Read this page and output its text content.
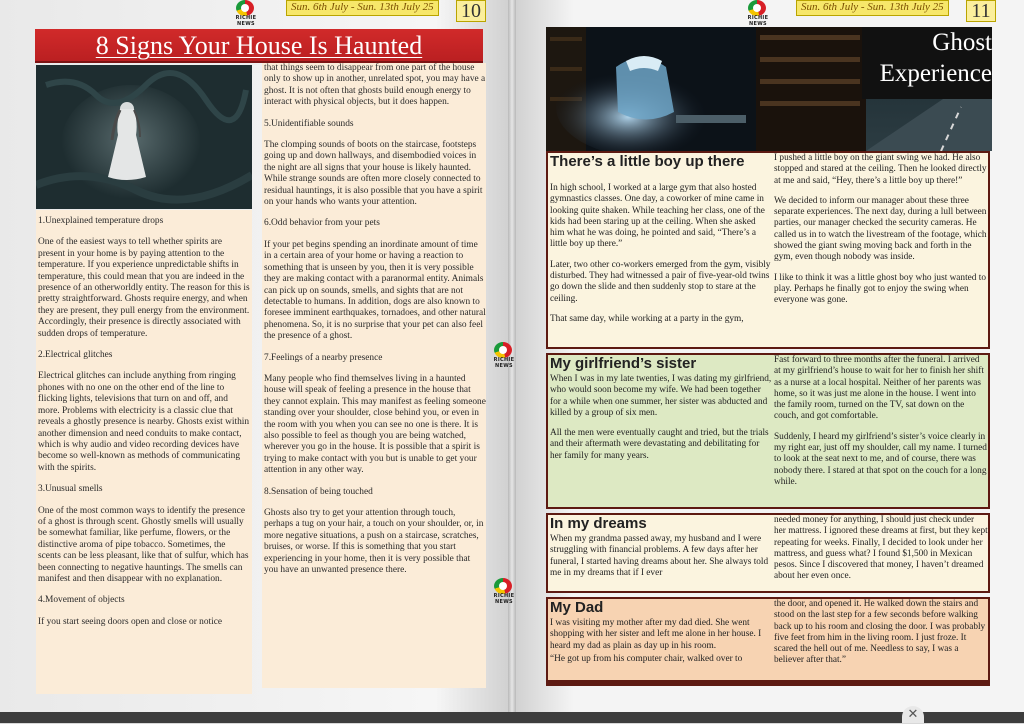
RICHIE NEWS
Sun. 6th July - Sun. 13th July 25 10
8 Signs Your House Is Haunted

1.Unexplained temperature drops

One of the easiest ways to tell whether spirits are present in your home is by paying attention to the temperature. If you experience unpredictable shifts in temperature, this could mean that you are indeed in the presence of an otherworldly entity. The reason for this is pretty straightforward. Ghosts require energy, and when they are present, they pull energy from the environment. Accordingly, their presence is directly associated with sudden drops of temperature.

2.Electrical glitches

Electrical glitches can include anything from ringing phones with no one on the other end of the line to flicking lights, televisions that turn on and off, and more. Problems with electricity is a classic clue that reveals a ghostly presence is nearby. Ghosts exist within another dimension and need conduits to make contact, which is why audio and video recording devices have become so well-known as methods of communicating with the spirits.

3.Unusual smells

One of the most common ways to identify the presence of a ghost is through scent. Ghostly smells will usually be somewhat familiar, like perfume, flowers, or the distinctive aroma of pipe tobacco. Sometimes, the scents can be less pleasant, like that of sulfur, which has been connecting to negative hauntings. The smells can manifest and then disappear with no explanation.

4.Movement of objects

If you start seeing doors open and close or notice

that things seem to disappear from one part of the house only to show up in another, unrelated spot, you may have a ghost. It is not often that ghosts build enough energy to interact with physical objects, but it does happen.

5.Unidentifiable sounds

The clomping sounds of boots on the staircase, footsteps going up and down hallways, and disembodied voices in the night are all signs that your house is likely haunted. While strange sounds are often more closely connected to residual hauntings, it is also possible that you have a spirit on your hands who wants your attention.

6.Odd behavior from your pets

If your pet begins spending an inordinate amount of time in a certain area of your home or having a reaction to something that is unseen by you, then it is very possible they are making contact with a paranormal entity. Animals can pick up on sounds, smells, and sights that are not detectable to humans. In addition, dogs are also known to foresee imminent earthquakes, tornadoes, and other natural phenomena. So, it is no surprise that your pet can also feel the presence of a ghost.

7.Feelings of a nearby presence

Many people who find themselves living in a haunted house will speak of feeling a presence in the house that they cannot explain. This may manifest as feeling someone standing over your shoulder, close behind you, or even in the room with you when you can see no one is there. It is also possible to feel as though you are being watched, wherever you go in the house. It is possible that a spirit is trying to make contact with you but is unable to get your attention in any other way.

8.Sensation of being touched

Ghosts also try to get your attention through touch, perhaps a tug on your hair, a touch on your shoulder, or, in more negative situations, a push on a staircase, scratches, bruises, or worse. If this is something that you start experiencing in your home, then it is very possible that you have an unwanted presence there.

RICHIE NEWS
Sun. 6th July - Sun. 13th July 25 11
Ghost
Experience
There’s a little boy up there

In high school, I worked at a large gym that also hosted gymnastics classes. One day, a coworker of mine came in looking quite shaken. While teaching her class, one of the kids had been staring up at the ceiling. When she asked him what he was doing, he pointed and said, “There’s a little boy up there.”

Later, two other co-workers emerged from the gym, visibly disturbed. They had witnessed a pair of five-year-old twins go down the slide and then suddenly stop to stare at the ceiling.

That same day, while working at a party in the gym,

I pushed a little boy on the giant swing we had. He also stopped and stared at the ceiling. Then he looked directly at me and said, “Hey, there’s a little boy up there!”

We decided to inform our manager about these three separate experiences. The next day, during a lull between parties, our manager checked the security cameras. He called us in to watch the livestream of the footage, which showed the giant swing moving back and forth in the gym, even though nobody was inside.

I like to think it was a little ghost boy who just wanted to play. Perhaps he finally got to enjoy the swing when everyone was gone.

My girlfriend’s sister

When I was in my late twenties, I was dating my girlfriend, who would soon become my wife. We had been together for a while when one summer, her sister was abducted and killed by a group of six men.

All the men were eventually caught and tried, but the trials and their aftermath were devastating and debilitating for her family for many years.

Fast forward to three months after the funeral. I arrived at my girlfriend’s house to wait for her to finish her shift as a nurse at a local hospital. Neither of her parents was home, so it was just me alone in the house. I went into the family room, turned on the TV, sat down on the couch, and got comfortable.

Suddenly, I heard my girlfriend’s sister’s voice clearly in my right ear, just off my shoulder, call my name. I turned to look at the seat next to me, and of course, there was nobody there. I stared at that spot on the couch for a long while.

In my dreams

When my grandma passed away, my husband and I were struggling with financial problems. A few days after her funeral, I started having dreams about her. She always told me in my dreams that if I ever

needed money for anything, I should just check under her mattress. I ignored these dreams at first, but they kept repeating for weeks. Finally, I decided to look under her mattress, and guess what? I found $1,500 in Mexican pesos. Since I discovered that money, I haven’t dreamed about her even once.

My Dad

I was visiting my mother after my dad died. She went shopping with her sister and left me alone in her house. I heard my dad as plain as day up in his room.

“He got up from his computer chair, walked over to

the door, and opened it. He walked down the stairs and stood on the last step for a few seconds before walking back up to his room and closing the door. I was probably five feet from him in the living room. I just froze. It scared the hell out of me. Needless to say, I was a believer after that.”

RICHIE NEWS
RICHIE NEWS
✕
